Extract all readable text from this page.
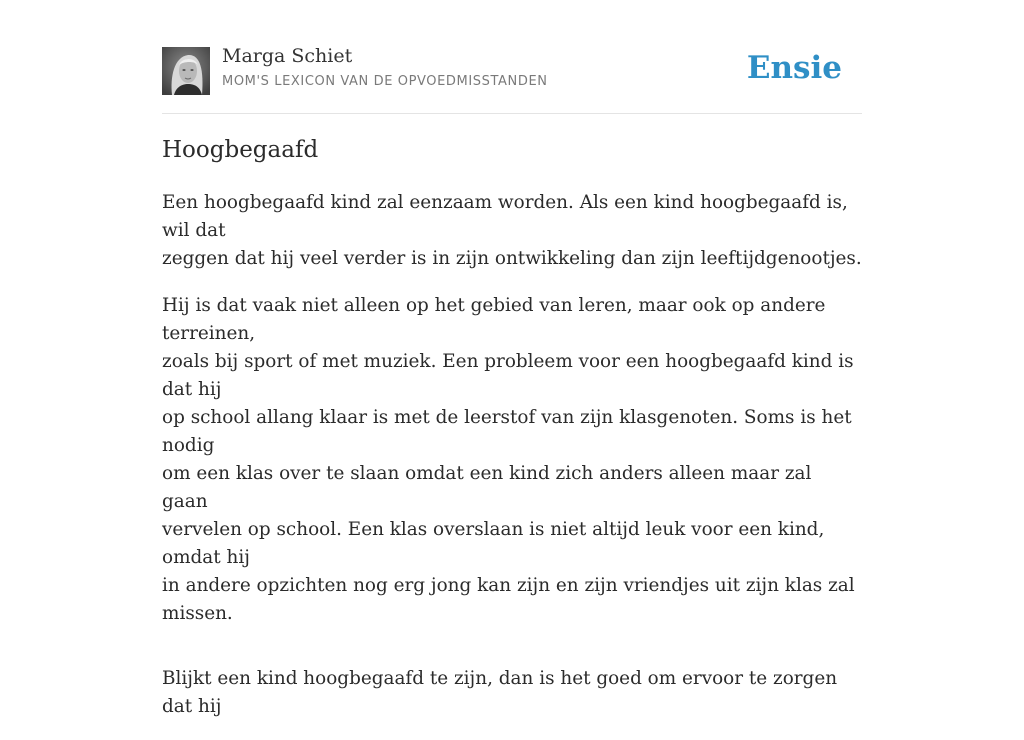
Marga Schiet
MOM'S LEXICON VAN DE OPVOEDMISSTANDEN	Ensie
Hoogbegaafd

Een hoogbegaafd kind zal eenzaam worden. Als een kind hoogbegaafd is, wil dat
zeggen dat hij veel verder is in zijn ontwikkeling dan zijn leeftijdgenootjes.

Hij is dat vaak niet alleen op het gebied van leren, maar ook op andere terreinen,
zoals bij sport of met muziek. Een probleem voor een hoogbegaafd kind is dat hij
op school allang klaar is met de leerstof van zijn klasgenoten. Soms is het nodig
om een klas over te slaan omdat een kind zich anders alleen maar zal gaan
vervelen op school. Een klas overslaan is niet altijd leuk voor een kind, omdat hij
in andere opzichten nog erg jong kan zijn en zijn vriendjes uit zijn klas zal
missen.

Blijkt een kind hoogbegaafd te zijn, dan is het goed om ervoor te zorgen dat hij
